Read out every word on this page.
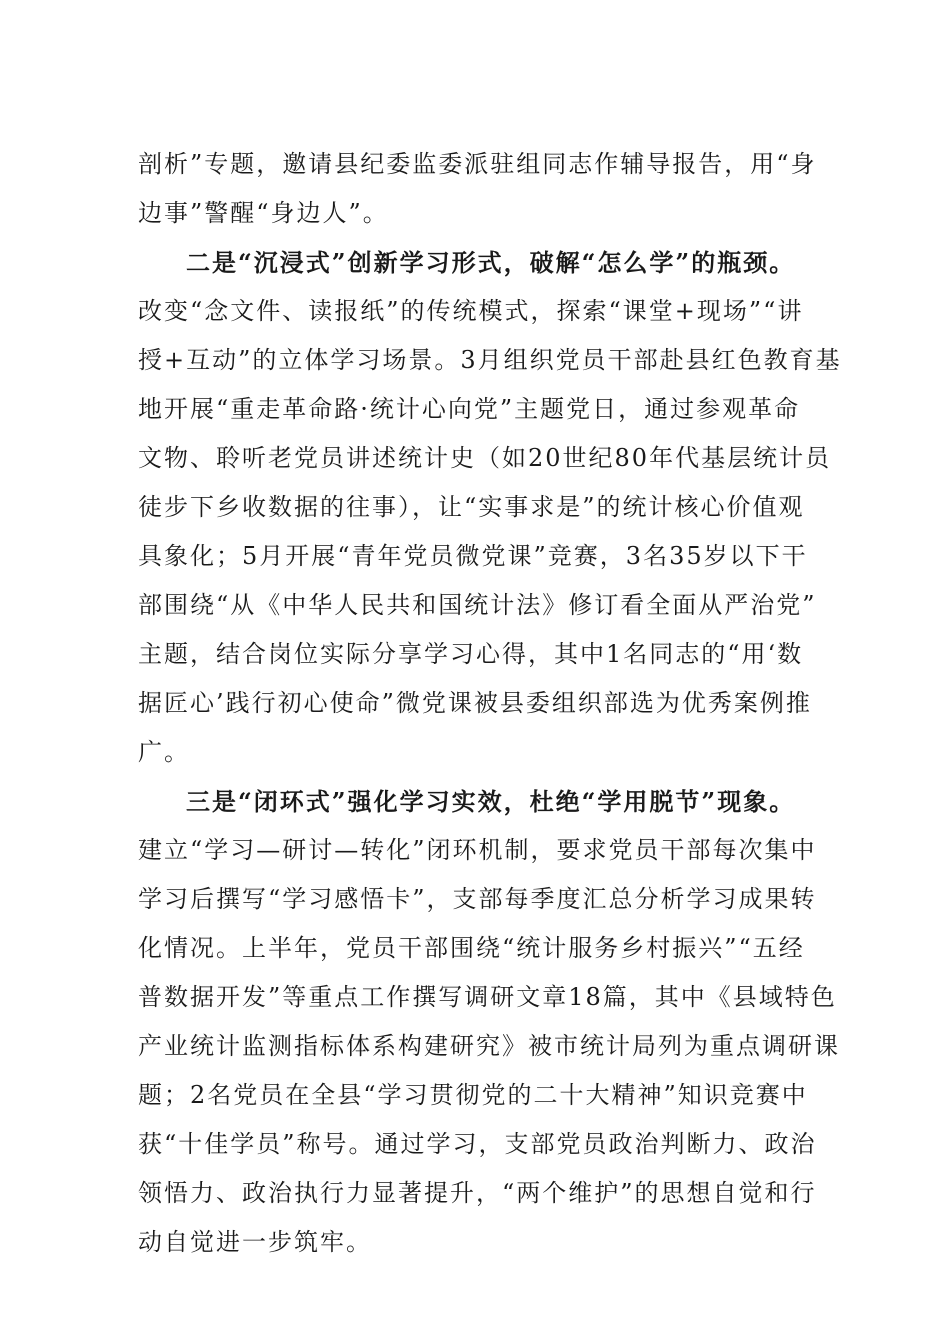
剖析”专题，邀请县纪委监委派驻组同志作辅导报告，用“身
边事”警醒“身边人”。
二是“沉浸式”创新学习形式，破解“怎么学”的瓶颈。
改变“念文件、读报纸”的传统模式，探索“课堂+现场”“讲
授+互动”的立体学习场景。3月组织党员干部赴县红色教育基
地开展“重走革命路·统计心向党”主题党日，通过参观革命
文物、聆听老党员讲述统计史（如20世纪80年代基层统计员
徒步下乡收数据的往事），让“实事求是”的统计核心价值观
具象化；5月开展“青年党员微党课”竞赛，3名35岁以下干
部围绕“从《中华人民共和国统计法》修订看全面从严治党”
主题，结合岗位实际分享学习心得，其中1名同志的“用‘数
据匠心’践行初心使命”微党课被县委组织部选为优秀案例推
广。
三是“闭环式”强化学习实效，杜绝“学用脱节”现象。
建立“学习—研讨—转化”闭环机制，要求党员干部每次集中
学习后撰写“学习感悟卡”，支部每季度汇总分析学习成果转
化情况。上半年，党员干部围绕“统计服务乡村振兴”“五经
普数据开发”等重点工作撰写调研文章18篇，其中《县域特色
产业统计监测指标体系构建研究》被市统计局列为重点调研课
题；2名党员在全县“学习贯彻党的二十大精神”知识竞赛中
获“十佳学员”称号。通过学习，支部党员政治判断力、政治
领悟力、政治执行力显著提升，“两个维护”的思想自觉和行
动自觉进一步筑牢。
